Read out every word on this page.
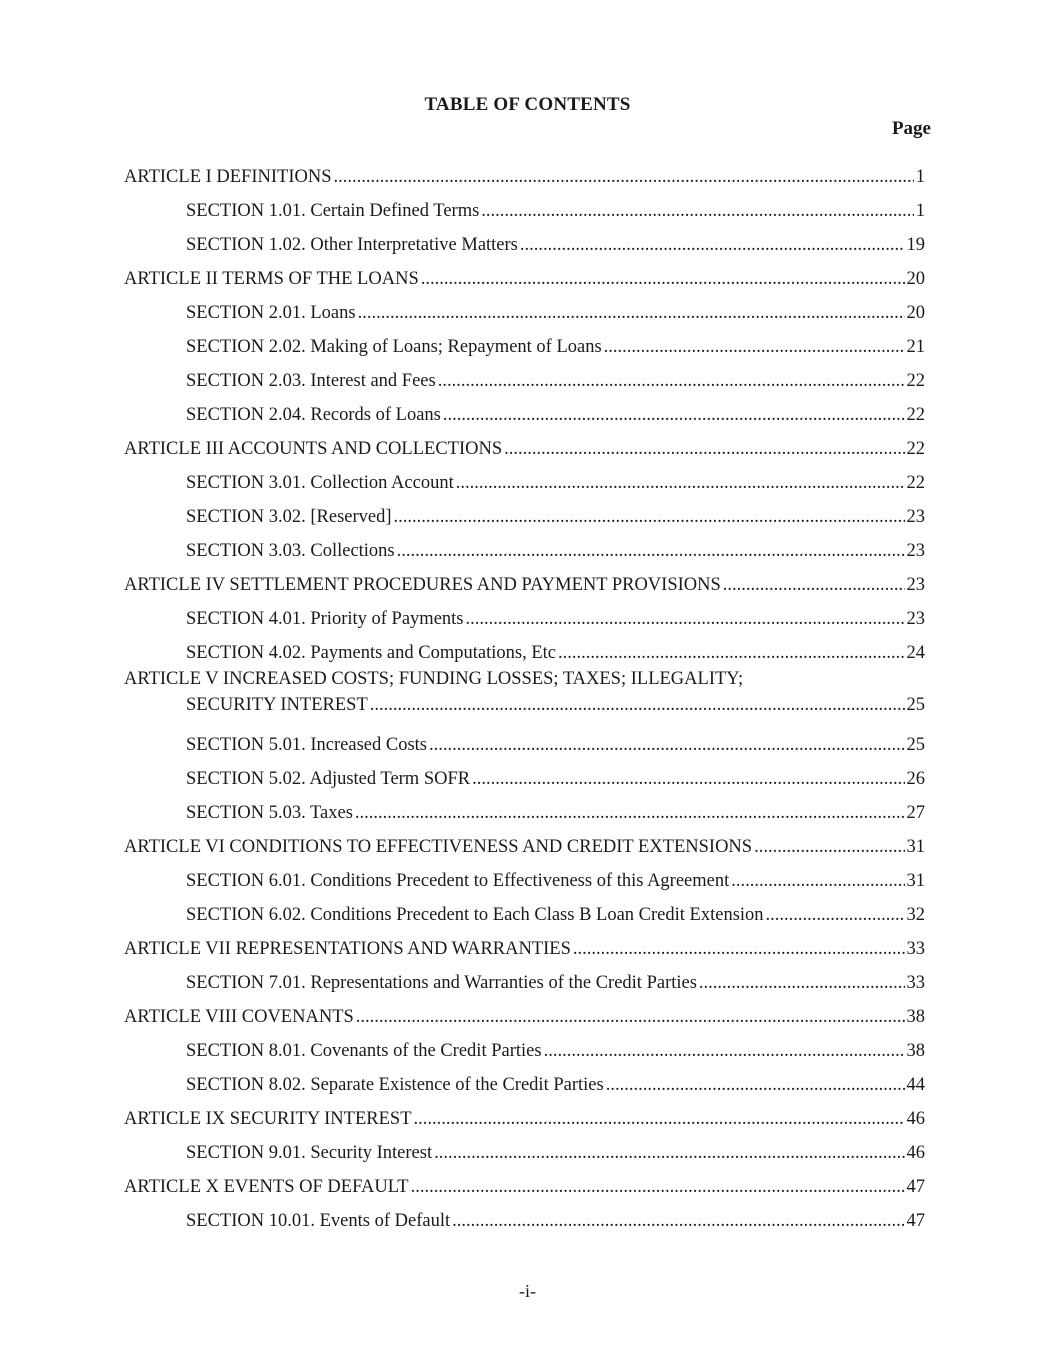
TABLE OF CONTENTS
Page
ARTICLE I DEFINITIONS .....	1
SECTION 1.01. Certain Defined Terms .....	1
SECTION 1.02. Other Interpretative Matters .....	19
ARTICLE II TERMS OF THE LOANS .....	20
SECTION 2.01. Loans .....	20
SECTION 2.02. Making of Loans; Repayment of Loans .....	21
SECTION 2.03. Interest and Fees .....	22
SECTION 2.04. Records of Loans .....	22
ARTICLE III ACCOUNTS AND COLLECTIONS .....	22
SECTION 3.01. Collection Account .....	22
SECTION 3.02. [Reserved] .....	23
SECTION 3.03. Collections .....	23
ARTICLE IV SETTLEMENT PROCEDURES AND PAYMENT PROVISIONS .....	23
SECTION 4.01. Priority of Payments .....	23
SECTION 4.02. Payments and Computations, Etc .....	24
ARTICLE V INCREASED COSTS; FUNDING LOSSES; TAXES; ILLEGALITY;
SECURITY INTEREST .....	25
SECTION 5.01. Increased Costs .....	25
SECTION 5.02. Adjusted Term SOFR .....	26
SECTION 5.03. Taxes .....	27
ARTICLE VI CONDITIONS TO EFFECTIVENESS AND CREDIT EXTENSIONS .....	31
SECTION 6.01. Conditions Precedent to Effectiveness of this Agreement .....	31
SECTION 6.02. Conditions Precedent to Each Class B Loan Credit Extension .....	32
ARTICLE VII REPRESENTATIONS AND WARRANTIES .....	33
SECTION 7.01. Representations and Warranties of the Credit Parties .....	33
ARTICLE VIII COVENANTS .....	38
SECTION 8.01. Covenants of the Credit Parties .....	38
SECTION 8.02. Separate Existence of the Credit Parties .....	44
ARTICLE IX SECURITY INTEREST .....	46
SECTION 9.01. Security Interest .....	46
ARTICLE X EVENTS OF DEFAULT .....	47
SECTION 10.01. Events of Default .....	47
-i-
